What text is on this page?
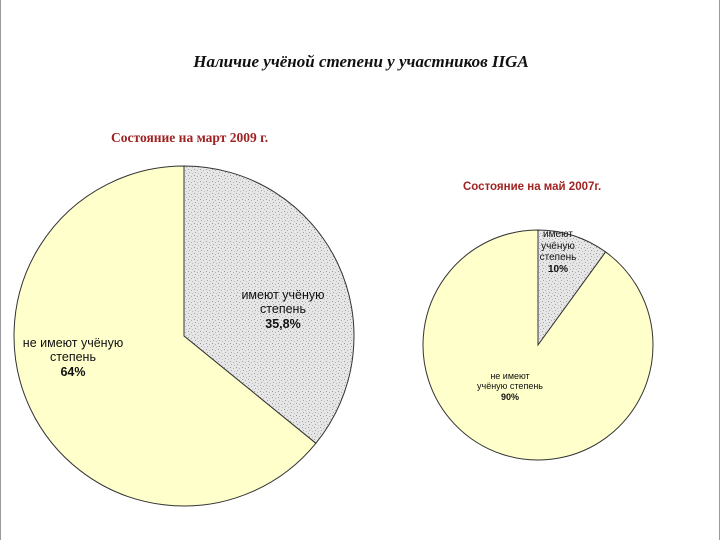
Наличие учёной степени у участников IIGA
Состояние на март 2009 г.
Состояние на май 2007г.
имеют учёную степень
35,8%
не имеют учёную степень
64%
имеют учёную степень
10%
не имеют учёную степень
90%
